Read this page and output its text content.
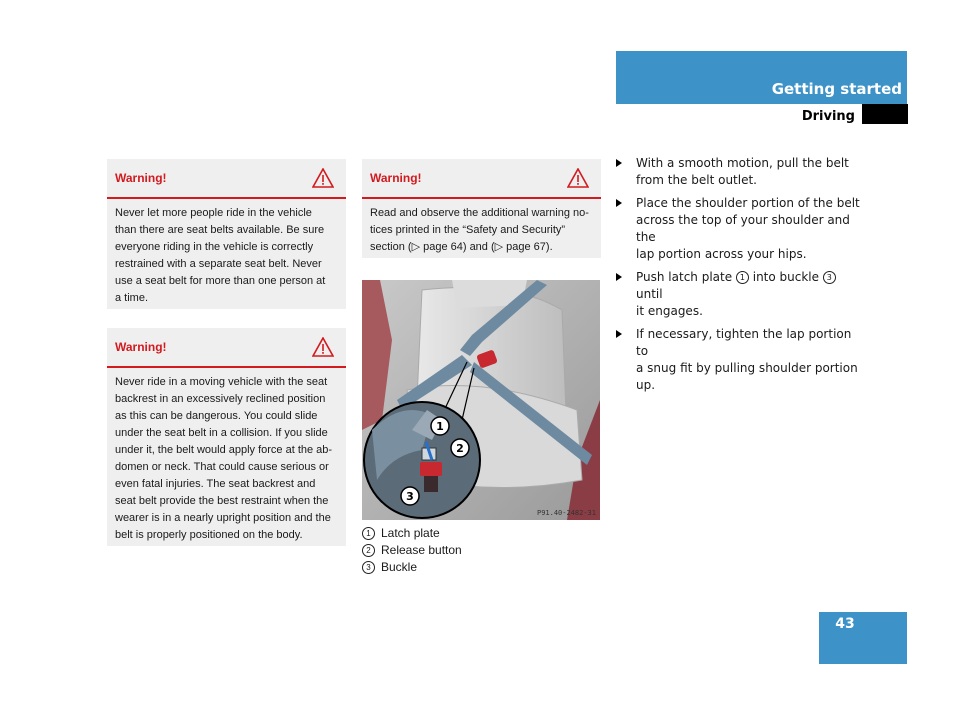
Getting started
Driving
Warning!
Never let more people ride in the vehicle
than there are seat belts available. Be sure
everyone riding in the vehicle is correctly
restrained with a separate seat belt. Never
use a seat belt for more than one person at
a time.
Warning!
Never ride in a moving vehicle with the seat
backrest in an excessively reclined position
as this can be dangerous. You could slide
under the seat belt in a collision. If you slide
under it, the belt would apply force at the ab-
domen or neck. That could cause serious or
even fatal injuries. The seat backrest and
seat belt provide the best restraint when the
wearer is in a nearly upright position and the
belt is properly positioned on the body.
Warning!
Read and observe the additional warning no-
tices printed in the “Safety and Security”
section (▷ page 64) and (▷ page 67).
1
2
3
P91.40-2482-31
1 Latch plate
2 Release button
3 Buckle
With a smooth motion, pull the belt
from the belt outlet.
Place the shoulder portion of the belt
across the top of your shoulder and the
lap portion across your hips.
Push latch plate 1 into buckle 3 until
it engages.
If necessary, tighten the lap portion to
a snug fit by pulling shoulder portion
up.
43
